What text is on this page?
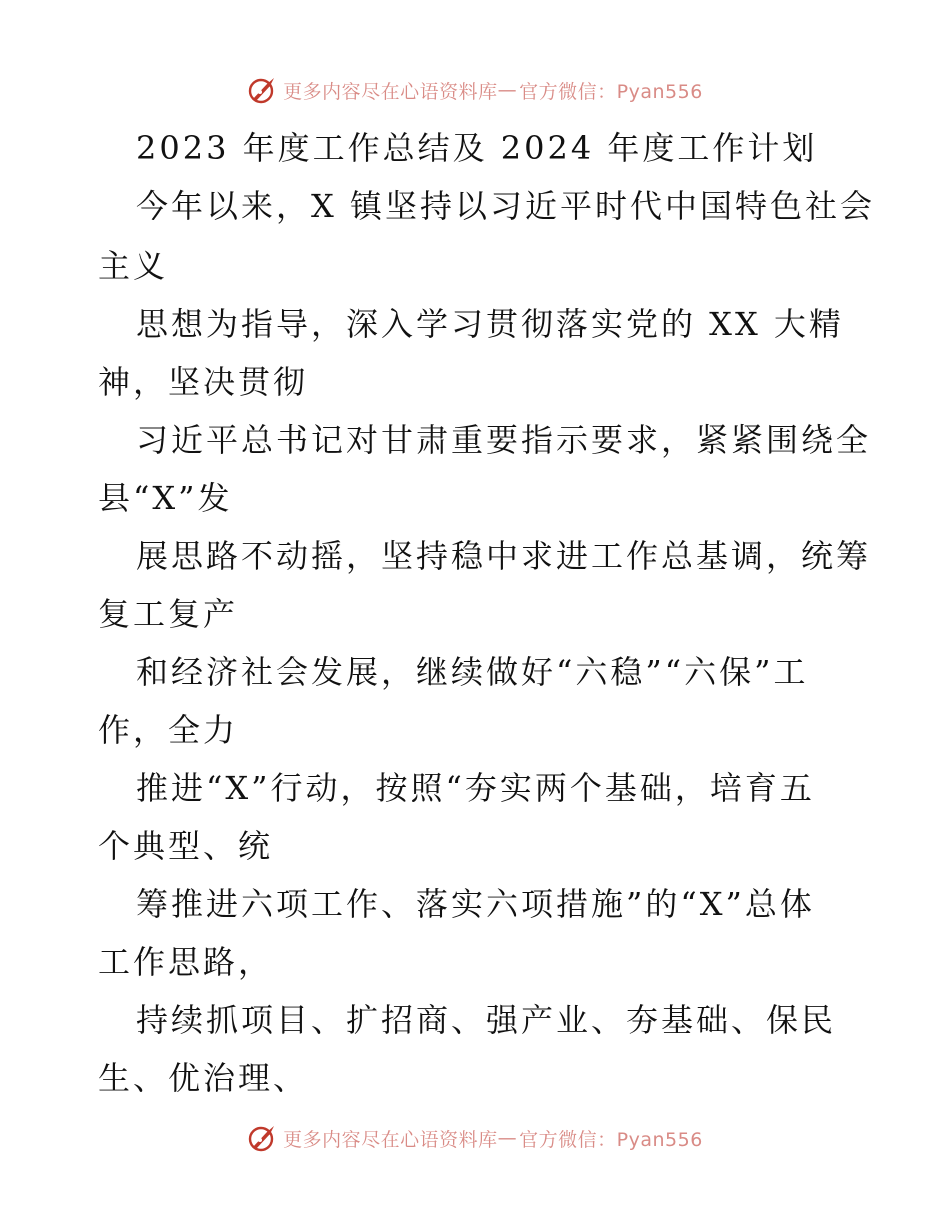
更多内容尽在心语资料库 — 官方微信：Pyan556
2023 年度工作总结及 2024 年度工作计划
今年以来，X 镇坚持以习近平时代中国特色社会
主义
思想为指导，深入学习贯彻落实党的 XX 大精
神，坚决贯彻
习近平总书记对甘肃重要指示要求，紧紧围绕全
县“X”发
展思路不动摇，坚持稳中求进工作总基调，统筹
复工复产
和经济社会发展，继续做好“六稳”“六保”工
作，全力
推进“X”行动，按照“夯实两个基础，培育五
个典型、统
筹推进六项工作、落实六项措施”的“X”总体
工作思路，
持续抓项目、扩招商、强产业、夯基础、保民
生、优治理、
更多内容尽在心语资料库 — 官方微信：Pyan556
